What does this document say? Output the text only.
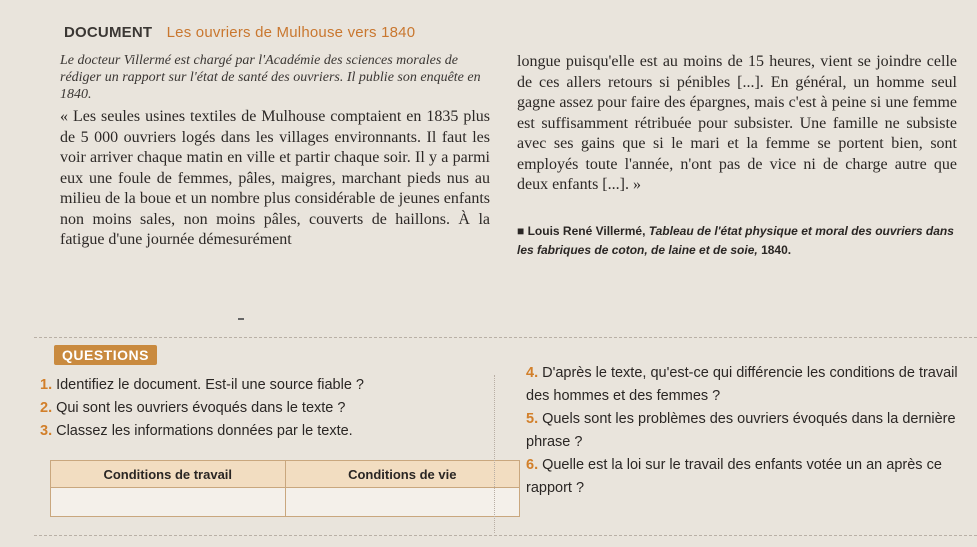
DOCUMENT Les ouvriers de Mulhouse vers 1840

Le docteur Villermé est chargé par l'Académie des sciences morales de rédiger un rapport sur l'état de santé des ouvriers. Il publie son enquête en 1840.

« Les seules usines textiles de Mulhouse comptaient en 1835 plus de 5 000 ouvriers logés dans les villages environnants. Il faut les voir arriver chaque matin en ville et partir chaque soir. Il y a parmi eux une foule de femmes, pâles, maigres, marchant pieds nus au milieu de la boue et un nombre plus considérable de jeunes enfants non moins sales, non moins pâles, couverts de haillons. À la fatigue d'une journée démesurément

longue puisqu'elle est au moins de 15 heures, vient se joindre celle de ces allers retours si pénibles [...]. En général, un homme seul gagne assez pour faire des épargnes, mais c'est à peine si une femme est suffisamment rétribuée pour subsister. Une famille ne subsiste avec ses gains que si le mari et la femme se portent bien, sont employés toute l'année, n'ont pas de vice ni de charge autre que deux enfants [...]. »

■ Louis René Villermé, Tableau de l'état physique et moral des ouvriers dans les fabriques de coton, de laine et de soie, 1840.
QUESTIONS

1. Identifiez le document. Est-il une source fiable ?

2. Qui sont les ouvriers évoqués dans le texte ?

3. Classez les informations données par le texte.

Conditions de travail	Conditions de vie

4. D'après le texte, qu'est-ce qui différencie les conditions de travail des hommes et des femmes ?

5. Quels sont les problèmes des ouvriers évoqués dans la dernière phrase ?

6. Quelle est la loi sur le travail des enfants votée un an après ce rapport ?
